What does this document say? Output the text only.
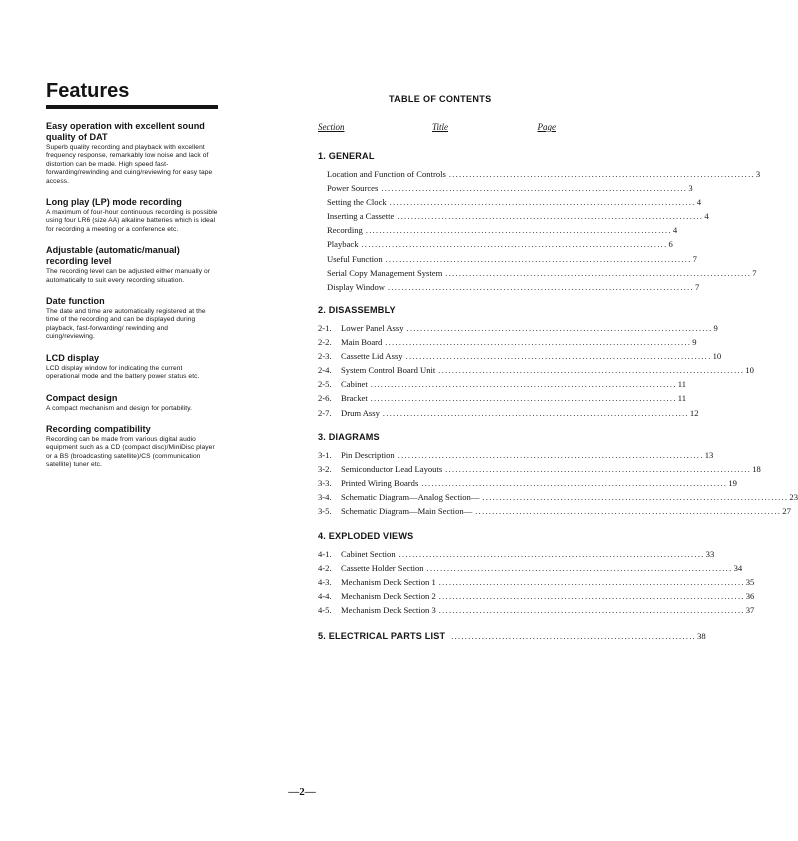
Features
Easy operation with excellent sound quality of DAT

Superb quality recording and playback with excellent frequency response, remarkably low noise and lack of distortion can be made. High speed fast-forwarding/rewinding and cuing/reviewing for easy tape access.

Long play (LP) mode recording

A maximum of four-hour continuous recording is possible using four LR6 (size AA) alkaline batteries which is ideal for recording a meeting or a conference etc.

Adjustable (automatic/manual) recording level

The recording level can be adjusted either manually or automatically to suit every recording situation.

Date function

The date and time are automatically registered at the time of the recording and can be displayed during playback, fast-forwarding/ rewinding and cuing/reviewing.

LCD display

LCD display window for indicating the current operational mode and the battery power status etc.

Compact design

A compact mechanism and design for portability.

Recording compatibility

Recording can be made from various digital audio equipment such as a CD (compact disc)/MiniDisc player or a BS (broadcasting satellite)/CS (communication satellite) tuner etc.

TABLE OF CONTENTS
Section	Title	Page
1. GENERAL
Location and Function of Controls .......................................................................................... 3
Power Sources .......................................................................................... 3
Setting the Clock .......................................................................................... 4
Inserting a Cassette .......................................................................................... 4
Recording .......................................................................................... 4
Playback .......................................................................................... 6
Useful Function .......................................................................................... 7
Serial Copy Management System .......................................................................................... 7
Display Window .......................................................................................... 7
2. DISASSEMBLY
2-1.	Lower Panel Assy .......................................................................................... 9
2-2.	Main Board .......................................................................................... 9
2-3.	Cassette Lid Assy .......................................................................................... 10
2-4.	System Control Board Unit .......................................................................................... 10
2-5.	Cabinet .......................................................................................... 11
2-6.	Bracket .......................................................................................... 11
2-7.	Drum Assy .......................................................................................... 12
3. DIAGRAMS
3-1.	Pin Description .......................................................................................... 13
3-2.	Semiconductor Lead Layouts .......................................................................................... 18
3-3.	Printed Wiring Boards .......................................................................................... 19
3-4.	Schematic Diagram—Analog Section— .......................................................................................... 23
3-5.	Schematic Diagram—Main Section— .......................................................................................... 27
4. EXPLODED VIEWS
4-1.	Cabinet Section .......................................................................................... 33
4-2.	Cassette Holder Section .......................................................................................... 34
4-3.	Mechanism Deck Section 1 .......................................................................................... 35
4-4.	Mechanism Deck Section 2 .......................................................................................... 36
4-5.	Mechanism Deck Section 3 .......................................................................................... 37
5. ELECTRICAL PARTS LIST ........................................................................ 38
—2—
